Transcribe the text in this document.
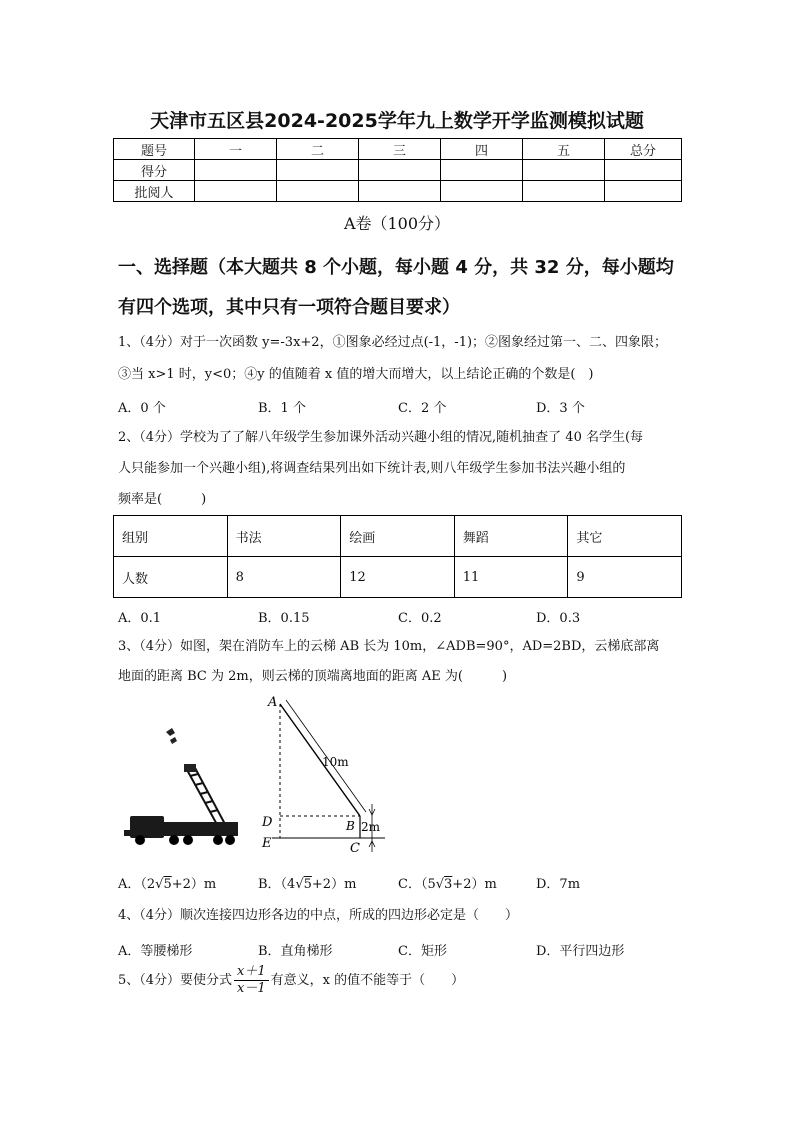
天津市五区县2024-2025学年九上数学开学监测模拟试题
题号	一	二	三	四	五	总分
得分						
批阅人						
A卷（100分）
一、选择题（本大题共 8 个小题，每小题 4 分，共 32 分，每小题均
有四个选项，其中只有一项符合题目要求）
1、（4分）对于一次函数 y=-3x+2，①图象必经过点(-1，-1)；②图象经过第一、二、四象限；
③当 x>1 时，y<0；④y 的值随着 x 值的增大而增大，以上结论正确的个数是(　)
A．0 个	B．1 个	C．2 个	D．3 个
2、（4分）学校为了了解八年级学生参加课外活动兴趣小组的情况,随机抽查了 40 名学生(每
人只能参加一个兴趣小组),将调查结果列出如下统计表,则八年级学生参加书法兴趣小组的
频率是(　　　)
组别	书法	绘画	舞蹈	其它
人数	8	12	11	9
A．0.1	B．0.15	C．0.2	D．0.3
3、（4分）如图，架在消防车上的云梯 AB 长为 10m，∠ADB=90°，AD=2BD，云梯底部离
地面的距离 BC 为 2m，则云梯的顶端离地面的距离 AE 为(　　　)
A
10m
D	B 2m
E	C
A．（2√5+2）m	B．（4√5+2）m	C．（5√3+2）m	D．7m
4、（4分）顺次连接四边形各边的中点，所成的四边形必定是（　　）
A．等腰梯形	B．直角梯形	C．矩形	D．平行四边形
5、（4分）要使分式 $\frac{x+1}{x-1}$ 有意义，x 的值不能等于（　　）
